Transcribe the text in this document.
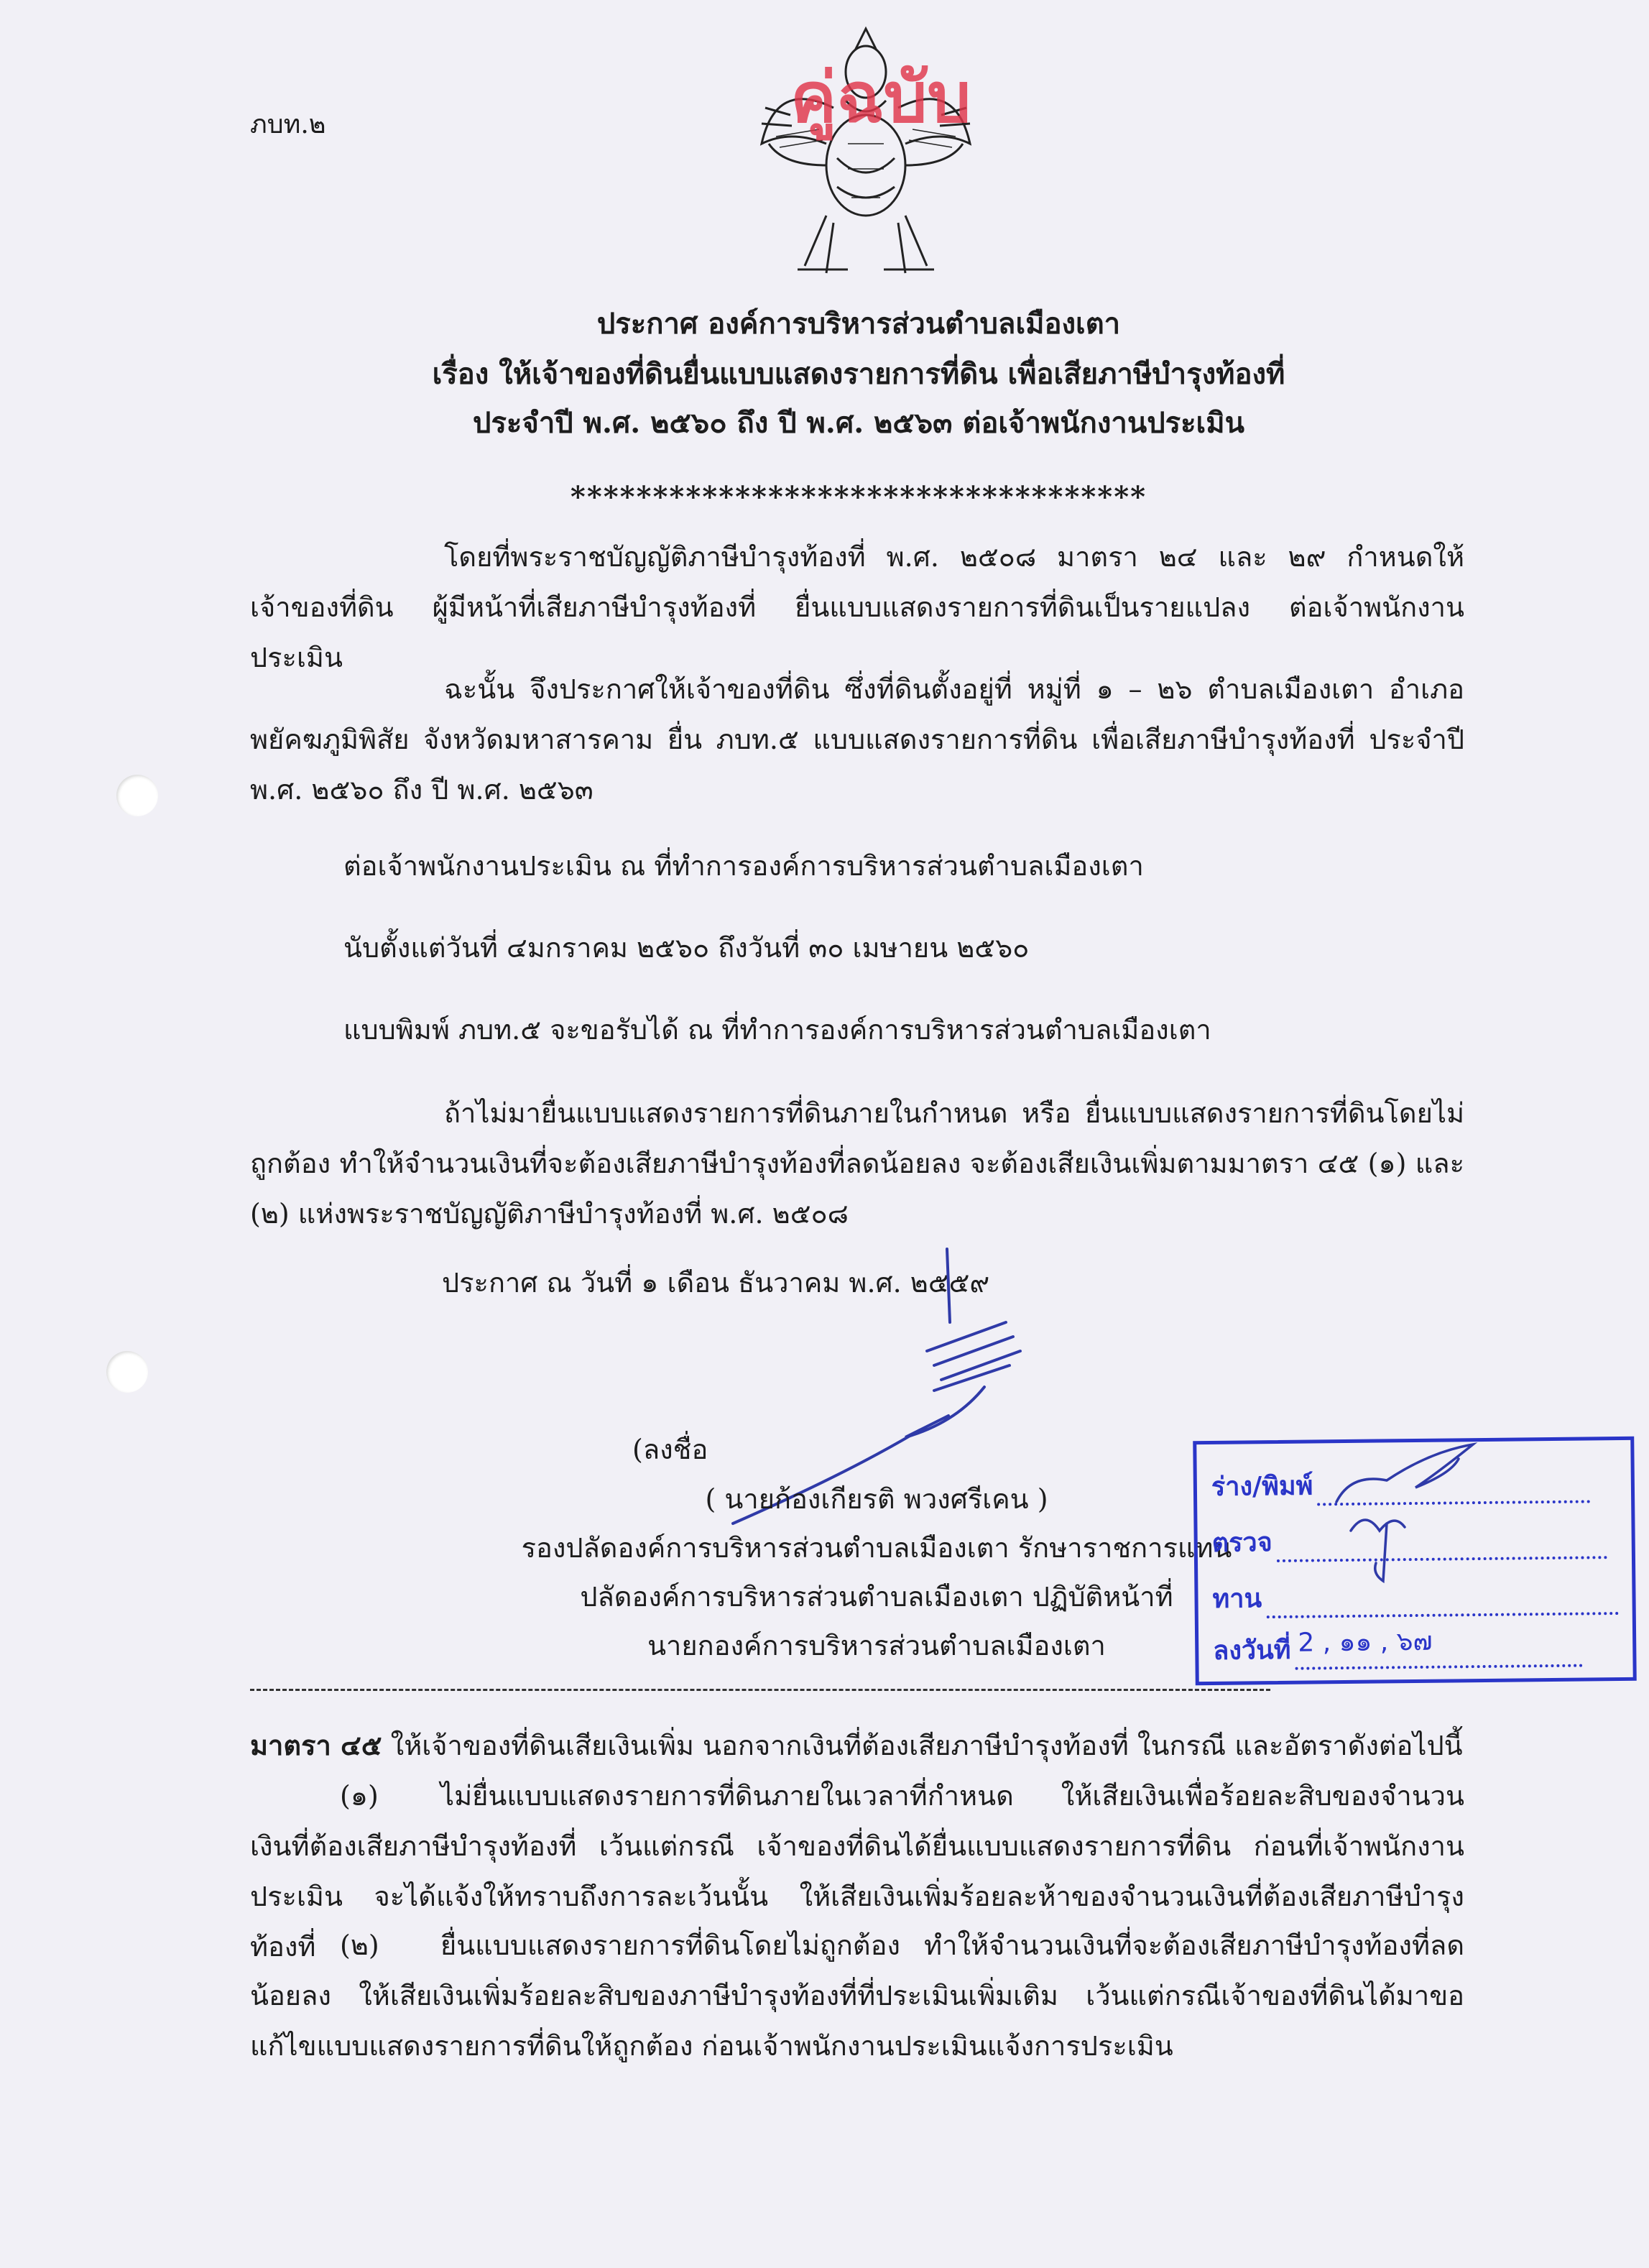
ภบท.๒	คู่ฉบับ
ประกาศ องค์การบริหารส่วนตำบลเมืองเตา
เรื่อง ให้เจ้าของที่ดินยื่นแบบแสดงรายการที่ดิน เพื่อเสียภาษีบำรุงท้องที่
ประจำปี พ.ศ. ๒๕๖๐ ถึง ปี พ.ศ. ๒๕๖๓ ต่อเจ้าพนักงานประเมิน
***********************************
โดยที่พระราชบัญญัติภาษีบำรุงท้องที่ พ.ศ. ๒๕๐๘ มาตรา ๒๔ และ ๒๙ กำหนดให้เจ้าของที่ดิน ผู้มีหน้าที่เสียภาษีบำรุงท้องที่ ยื่นแบบแสดงรายการที่ดินเป็นรายแปลง ต่อเจ้าพนักงานประเมิน
ฉะนั้น จึงประกาศให้เจ้าของที่ดิน ซึ่งที่ดินตั้งอยู่ที่ หมู่ที่ ๑ – ๒๖ ตำบลเมืองเตา อำเภอพยัคฆภูมิพิสัย จังหวัดมหาสารคาม ยื่น ภบท.๕ แบบแสดงรายการที่ดิน เพื่อเสียภาษีบำรุงท้องที่ ประจำปี พ.ศ. ๒๕๖๐ ถึง ปี พ.ศ. ๒๕๖๓
ต่อเจ้าพนักงานประเมิน ณ ที่ทำการองค์การบริหารส่วนตำบลเมืองเตา
นับตั้งแต่วันที่ ๔มกราคม ๒๕๖๐ ถึงวันที่ ๓๐ เมษายน ๒๕๖๐
แบบพิมพ์ ภบท.๕ จะขอรับได้ ณ ที่ทำการองค์การบริหารส่วนตำบลเมืองเตา
ถ้าไม่มายื่นแบบแสดงรายการที่ดินภายในกำหนด หรือ ยื่นแบบแสดงรายการที่ดินโดยไม่ถูกต้อง ทำให้จำนวนเงินที่จะต้องเสียภาษีบำรุงท้องที่ลดน้อยลง จะต้องเสียเงินเพิ่มตามมาตรา ๔๕ (๑) และ (๒) แห่งพระราชบัญญัติภาษีบำรุงท้องที่ พ.ศ. ๒๕๐๘
ประกาศ ณ วันที่ ๑ เดือน ธันวาคม พ.ศ. ๒๕๕๙
(ลงชื่อ
( นายก้องเกียรติ พวงศรีเคน )
รองปลัดองค์การบริหารส่วนตำบลเมืองเตา รักษาราชการแทน
ปลัดองค์การบริหารส่วนตำบลเมืองเตา ปฏิบัติหน้าที่
นายกองค์การบริหารส่วนตำบลเมืองเตา
ร่าง/พิมพ์
ตรวจ
ทาน
ลงวันที่ 2 , ๑๑ , ๖๗
มาตรา ๔๕ ให้เจ้าของที่ดินเสียเงินเพิ่ม นอกจากเงินที่ต้องเสียภาษีบำรุงท้องที่ ในกรณี และอัตราดังต่อไปนี้
(๑) ไม่ยื่นแบบแสดงรายการที่ดินภายในเวลาที่กำหนด ให้เสียเงินเพื่อร้อยละสิบของจำนวนเงินที่ต้องเสียภาษีบำรุงท้องที่ เว้นแต่กรณี เจ้าของที่ดินได้ยื่นแบบแสดงรายการที่ดิน ก่อนที่เจ้าพนักงานประเมิน จะได้แจ้งให้ทราบถึงการละเว้นนั้น ให้เสียเงินเพิ่มร้อยละห้าของจำนวนเงินที่ต้องเสียภาษีบำรุงท้องที่ (๒) ยื่นแบบแสดงรายการที่ดินโดยไม่ถูกต้อง ทำให้จำนวนเงินที่จะต้องเสียภาษีบำรุงท้องที่ลดน้อยลง ให้เสียเงินเพิ่มร้อยละสิบของภาษีบำรุงท้องที่ที่ประเมินเพิ่มเติม เว้นแต่กรณีเจ้าของที่ดินได้มาขอแก้ไขแบบแสดงรายการที่ดินให้ถูกต้อง ก่อนเจ้าพนักงานประเมินแจ้งการประเมิน
